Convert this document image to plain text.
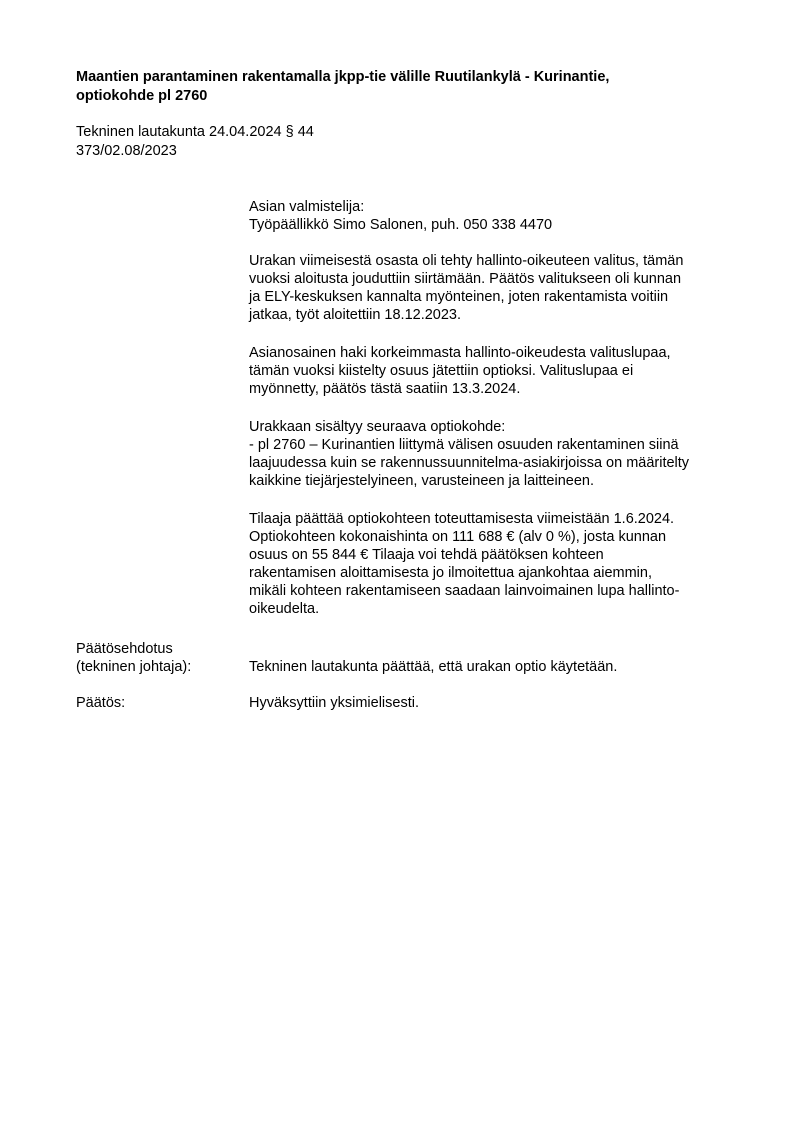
Maantien parantaminen rakentamalla jkpp-tie välille Ruutilankylä - Kurinantie,
optiokohde pl 2760
Tekninen lautakunta 24.04.2024 § 44
373/02.08/2023
Asian valmistelija:
Työpäällikkö Simo Salonen, puh. 050 338 4470
Urakan viimeisestä osasta oli tehty hallinto-oikeuteen valitus, tämän
vuoksi aloitusta jouduttiin siirtämään. Päätös valitukseen oli kunnan
ja ELY-keskuksen kannalta myönteinen, joten rakentamista voitiin
jatkaa, työt aloitettiin 18.12.2023.
Asianosainen haki korkeimmasta hallinto-oikeudesta valituslupaa,
tämän vuoksi kiistelty osuus jätettiin optioksi. Valituslupaa ei
myönnetty, päätös tästä saatiin 13.3.2024.
Urakkaan sisältyy seuraava optiokohde:
- pl 2760 – Kurinantien liittymä välisen osuuden rakentaminen siinä
laajuudessa kuin se rakennussuunnitelma-asiakirjoissa on määritelty
kaikkine tiejärjestelyineen, varusteineen ja laitteineen.
Tilaaja päättää optiokohteen toteuttamisesta viimeistään 1.6.2024.
Optiokohteen kokonaishinta on 111 688 € (alv 0 %), josta kunnan
osuus on 55 844 € Tilaaja voi tehdä päätöksen kohteen
rakentamisen aloittamisesta jo ilmoitettua ajankohtaa aiemmin,
mikäli kohteen rakentamiseen saadaan lainvoimainen lupa hallinto-
oikeudelta.
Päätösehdotus
(tekninen johtaja):	Tekninen lautakunta päättää, että urakan optio käytetään.
Päätös:	Hyväksyttiin yksimielisesti.
